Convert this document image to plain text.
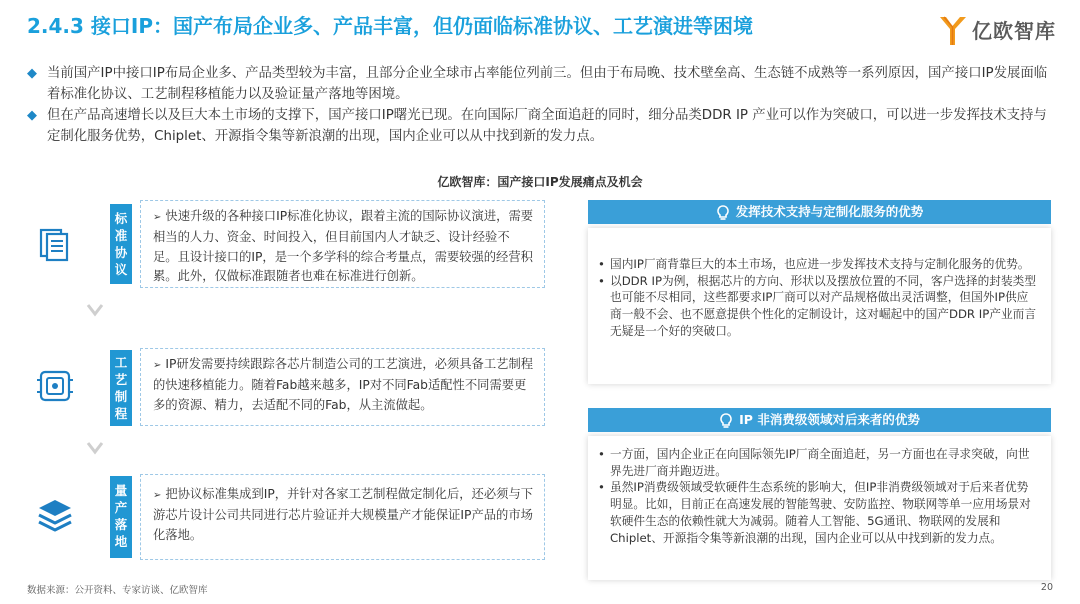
2.4.3 接口IP：国产布局企业多、产品丰富，但仍面临标准协议、工艺演进等困境	亿欧智库
◆ 当前国产IP中接口IP布局企业多、产品类型较为丰富，且部分企业全球市占率能位列前三。但由于布局晚、技术壁垒高、生态链不成熟等一系列原因，国产接口IP发展面临着标准化协议、工艺制程移植能力以及验证量产落地等困境。
◆ 但在产品高速增长以及巨大本土市场的支撑下，国产接口IP曙光已现。在向国际厂商全面追赶的同时，细分品类DDR IP 产业可以作为突破口，可以进一步发挥技术支持与定制化服务优势，Chiplet、开源指令集等新浪潮的出现，国内企业可以从中找到新的发力点。
亿欧智库：国产接口IP发展痛点及机会
标准协议
➢ 快速升级的各种接口IP标准化协议，跟着主流的国际协议演进，需要相当的人力、资金、时间投入，但目前国内人才缺乏、设计经验不足。且设计接口的IP，是一个多学科的综合考量点，需要较强的经营积累。此外，仅做标准跟随者也难在标准进行创新。
工艺制程
➢ IP研发需要持续跟踪各芯片制造公司的工艺演进，必须具备工艺制程的快速移植能力。随着Fab越来越多，IP对不同Fab适配性不同需要更多的资源、精力，去适配不同的Fab，从主流做起。
量产落地
➢ 把协议标准集成到IP，并针对各家工艺制程做定制化后，还必须与下游芯片设计公司共同进行芯片验证并大规模量产才能保证IP产品的市场化落地。
发挥技术支持与定制化服务的优势
• 国内IP厂商背靠巨大的本土市场，也应进一步发挥技术支持与定制化服务的优势。
• 以DDR IP为例，根据芯片的方向、形状以及摆放位置的不同，客户选择的封装类型也可能不尽相同，这些都要求IP厂商可以对产品规格做出灵活调整，但国外IP供应商一般不会、也不愿意提供个性化的定制设计，这对崛起中的国产DDR IP产业而言无疑是一个好的突破口。
IP 非消费级领域对后来者的优势
• 一方面，国内企业正在向国际领先IP厂商全面追赶，另一方面也在寻求突破，向世界先进厂商并跑迈进。
• 虽然IP消费级领域受软硬件生态系统的影响大，但IP非消费级领域对于后来者优势明显。比如，目前正在高速发展的智能驾驶、安防监控、物联网等单一应用场景对软硬件生态的依赖性就大为减弱。随着人工智能、5G通讯、物联网的发展和Chiplet、开源指令集等新浪潮的出现，国内企业可以从中找到新的发力点。
数据来源：公开资料、专家访谈、亿欧智库	20
